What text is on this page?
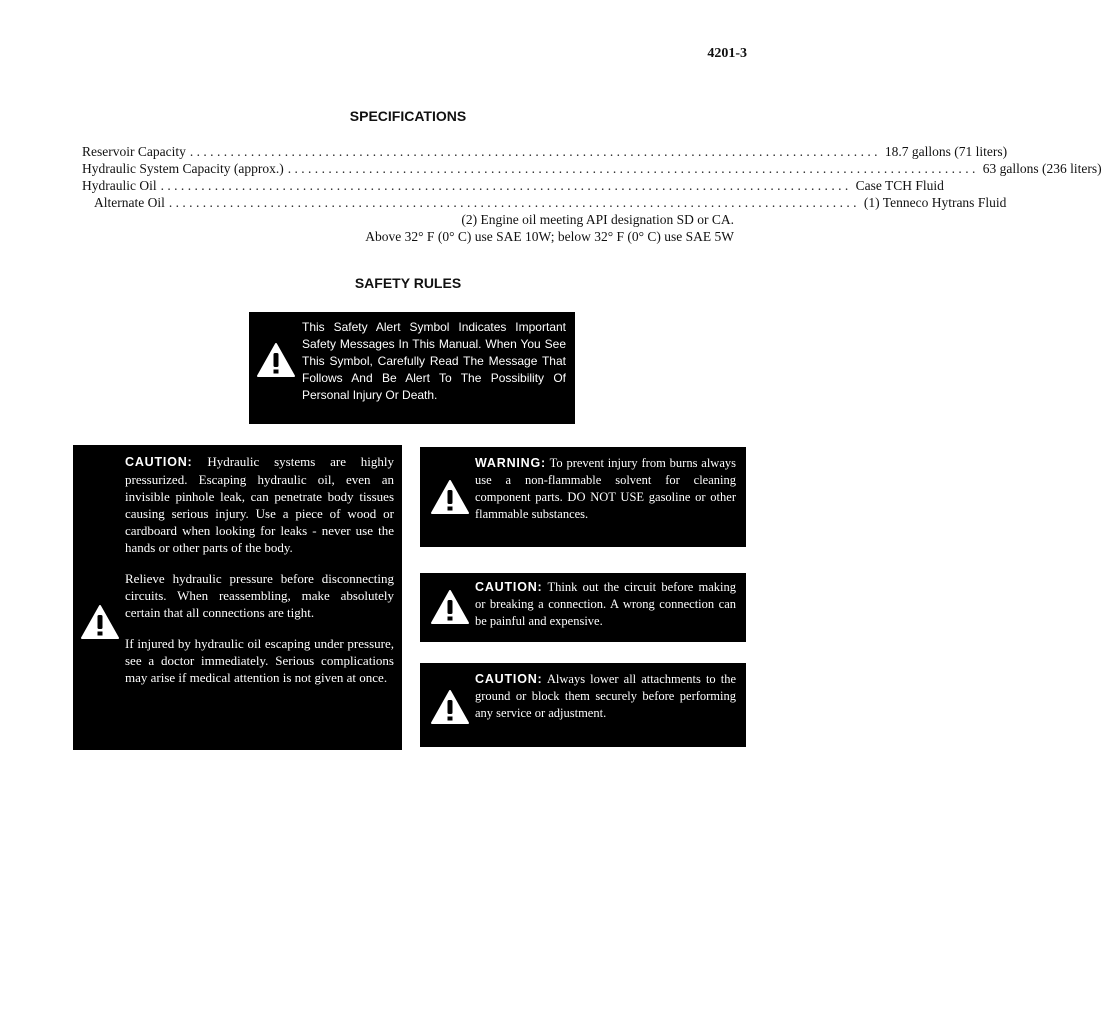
4201-3
SPECIFICATIONS
Reservoir Capacity ...................................................................................................... 18.7 gallons (71 liters)
Hydraulic System Capacity (approx.) ...................................................................................................... 63 gallons (236 liters)
Hydraulic Oil ...................................................................................................... Case TCH Fluid
Alternate Oil ...................................................................................................... (1) Tenneco Hytrans Fluid
(2) Engine oil meeting API designation SD or CA.
Above 32° F (0° C) use SAE 10W; below 32° F (0° C) use SAE 5W
SAFETY RULES
This Safety Alert Symbol Indicates Important Safety Messages In This Manual. When You See This Symbol, Carefully Read The Message That Follows And Be Alert To The Possibility Of Personal Injury Or Death.

CAUTION: Hydraulic systems are highly pressurized. Escaping hydraulic oil, even an invisible pinhole leak, can penetrate body tissues causing serious injury. Use a piece of wood or cardboard when looking for leaks - never use the hands or other parts of the body.

Relieve hydraulic pressure before disconnecting circuits. When reassembling, make absolutely certain that all connections are tight.

If injured by hydraulic oil escaping under pressure, see a doctor immediately. Serious complications may arise if medical attention is not given at once.

WARNING: To prevent injury from burns always use a non-flammable solvent for cleaning component parts. DO NOT USE gasoline or other flammable substances.
CAUTION: Think out the circuit before making or breaking a connection. A wrong connection can be painful and expensive.
CAUTION: Always lower all attachments to the ground or block them securely before performing any service or adjustment.
